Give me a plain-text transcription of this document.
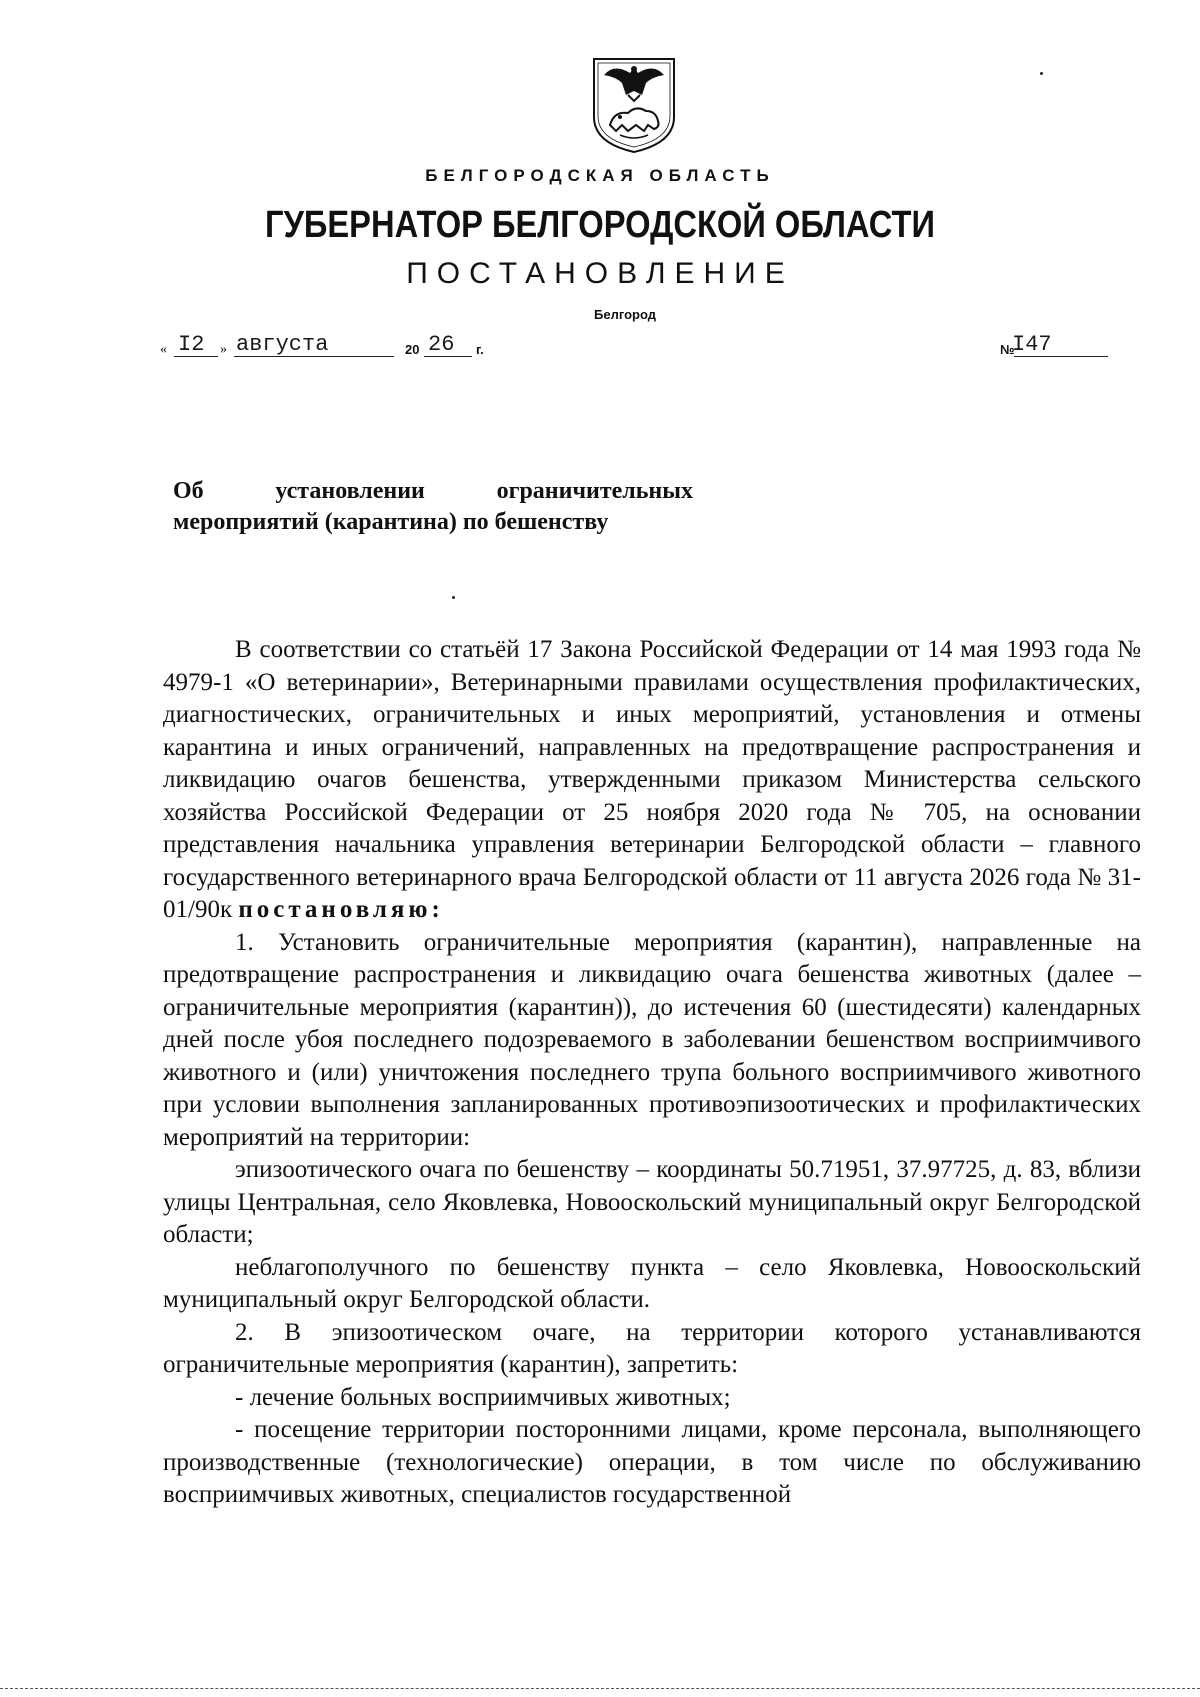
БЕЛГОРОДСКАЯ ОБЛАСТЬ
ГУБЕРНАТОР БЕЛГОРОДСКОЙ ОБЛАСТИ
ПОСТАНОВЛЕНИЕ
Белгород
« I2 » августа	20 26 г.	№
I47
Об	установлении	ограничительных
мероприятий (карантина) по бешенству

В соответствии со статьёй 17 Закона Российской Федерации от 14 мая 1993 года № 4979-1 «О ветеринарии», Ветеринарными правилами осуществления профилактических, диагностических, ограничительных и иных мероприятий, установления и отмены карантина и иных ограничений, направленных на предотвращение распространения и ликвидацию очагов бешенства, утвержденными приказом Министерства сельского хозяйства Российской Федерации от 25 ноября 2020 года № 705, на основании представления начальника управления ветеринарии Белгородской области – главного государственного ветеринарного врача Белгородской области от 11 августа 2026 года № 31-01/90к постановляю:

1. Установить ограничительные мероприятия (карантин), направленные на предотвращение распространения и ликвидацию очага бешенства животных (далее – ограничительные мероприятия (карантин)), до истечения 60 (шестидесяти) календарных дней после убоя последнего подозреваемого в заболевании бешенством восприимчивого животного и (или) уничтожения последнего трупа больного восприимчивого животного при условии выполнения запланированных противоэпизоотических и профилактических мероприятий на территории:

эпизоотического очага по бешенству – координаты 50.71951, 37.97725, д. 83, вблизи улицы Центральная, село Яковлевка, Новооскольский муниципальный округ Белгородской области;

неблагополучного по бешенству пункта – село Яковлевка, Новооскольский муниципальный округ Белгородской области.

2. В эпизоотическом очаге, на территории которого устанавливаются ограничительные мероприятия (карантин), запретить:

- лечение больных восприимчивых животных;

- посещение территории посторонними лицами, кроме персонала, выполняющего производственные (технологические) операции, в том числе по обслуживанию восприимчивых животных, специалистов государственной
